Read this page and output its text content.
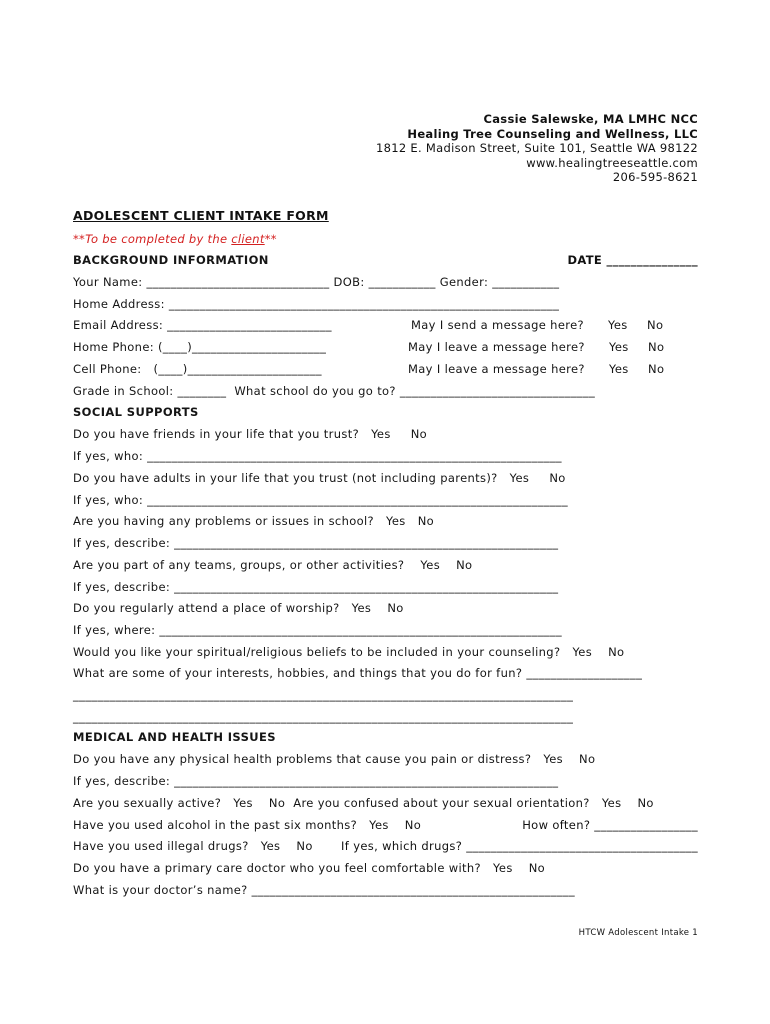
Cassie Salewske, MA LMHC NCC
Healing Tree Counseling and Wellness, LLC
1812 E. Madison Street, Suite 101, Seattle WA 98122
www.healingtreeseattle.com
206-595-8621
ADOLESCENT CLIENT INTAKE FORM
**To be completed by the client**
BACKGROUND INFORMATION	DATE _______________
Your Name: ______________________________ DOB: ___________ Gender: ___________
Home Address: ________________________________________________________________
Email Address: ___________________________	May I send a message here? Yes No
Home Phone: (____)______________________	May I leave a message here? Yes No
Cell Phone:   (____)______________________	May I leave a message here? Yes No
Grade in School: ________  What school do you go to? ________________________________
SOCIAL SUPPORTS
Do you have friends in your life that you trust? Yes No
If yes, who: ____________________________________________________________________
Do you have adults in your life that you trust (not including parents)? Yes No
If yes, who: _____________________________________________________________________
Are you having any problems or issues in school? Yes No
If yes, describe: _______________________________________________________________
Are you part of any teams, groups, or other activities? Yes No
If yes, describe: _______________________________________________________________
Do you regularly attend a place of worship? Yes No
If yes, where: __________________________________________________________________
Would you like your spiritual/religious beliefs to be included in your counseling? Yes No
What are some of your interests, hobbies, and things that you do for fun? ___________________
__________________________________________________________________________________
__________________________________________________________________________________
MEDICAL AND HEALTH ISSUES
Do you have any physical health problems that cause you pain or distress? Yes No
If yes, describe: _______________________________________________________________
Are you sexually active? Yes No Are you confused about your sexual orientation? Yes No
Have you used alcohol in the past six months? Yes No	How often? _________________
Have you used illegal drugs? Yes No If yes, which drugs? ______________________________________
Do you have a primary care doctor who you feel comfortable with? Yes No
What is your doctor’s name? _____________________________________________________
HTCW Adolescent Intake 1
